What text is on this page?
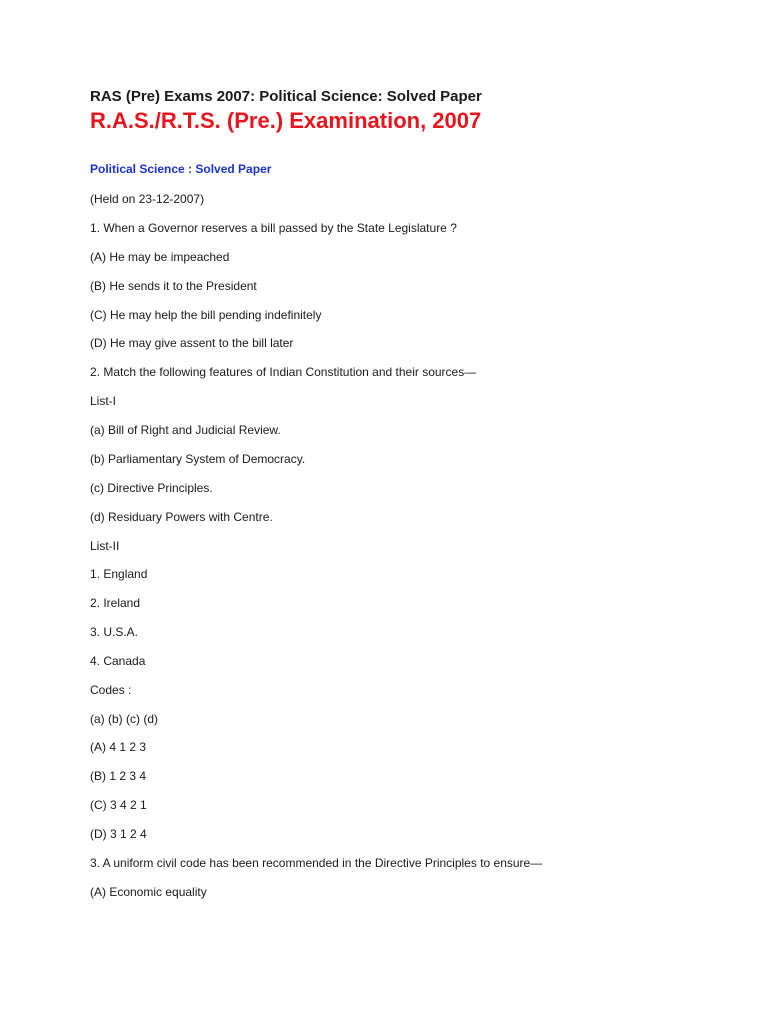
RAS (Pre) Exams 2007: Political Science: Solved Paper
R.A.S./R.T.S. (Pre.) Examination, 2007
Political Science : Solved Paper

(Held on 23-12-2007)

1. When a Governor reserves a bill passed by the State Legislature ?

(A) He may be impeached

(B) He sends it to the President

(C) He may help the bill pending indefinitely

(D) He may give assent to the bill later

2. Match the following features of Indian Constitution and their sources—

List-I

(a) Bill of Right and Judicial Review.

(b) Parliamentary System of Democracy.

(c) Directive Principles.

(d) Residuary Powers with Centre.

List-II

1. England

2. Ireland

3. U.S.A.

4. Canada

Codes :

(a) (b) (c) (d)

(A) 4 1 2 3

(B) 1 2 3 4

(C) 3 4 2 1

(D) 3 1 2 4

3. A uniform civil code has been recommended in the Directive Principles to ensure—

(A) Economic equality
